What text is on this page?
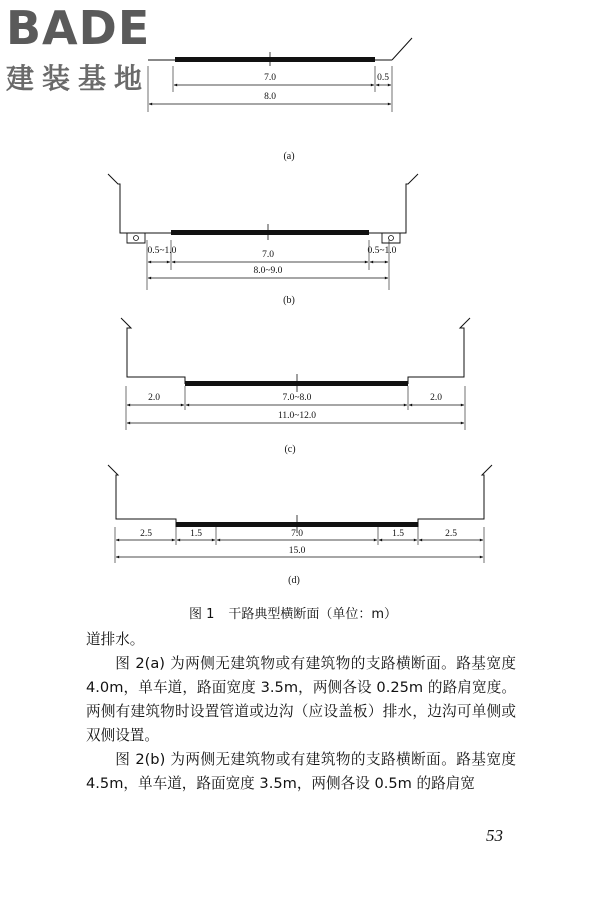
7.0	0.5
8.0
(a)
0.5~1.0	7.0	0.5~1.0
8.0~9.0
(b)
2.0	7.0~8.0	2.0
11.0~12.0
(c)
2.5	1.5	7.0	1.5	2.5
15.0
(d)
BADE
建装基地
图 1 干路典型横断面（单位：m）

道排水。

图 2(a) 为两侧无建筑物或有建筑物的支路横断面。路基宽度 4.0m，单车道，路面宽度 3.5m，两侧各设 0.25m 的路肩宽度。两侧有建筑物时设置管道或边沟（应设盖板）排水，边沟可单侧或双侧设置。

图 2(b) 为两侧无建筑物或有建筑物的支路横断面。路基宽度 4.5m，单车道，路面宽度 3.5m，两侧各设 0.5m 的路肩宽

53
